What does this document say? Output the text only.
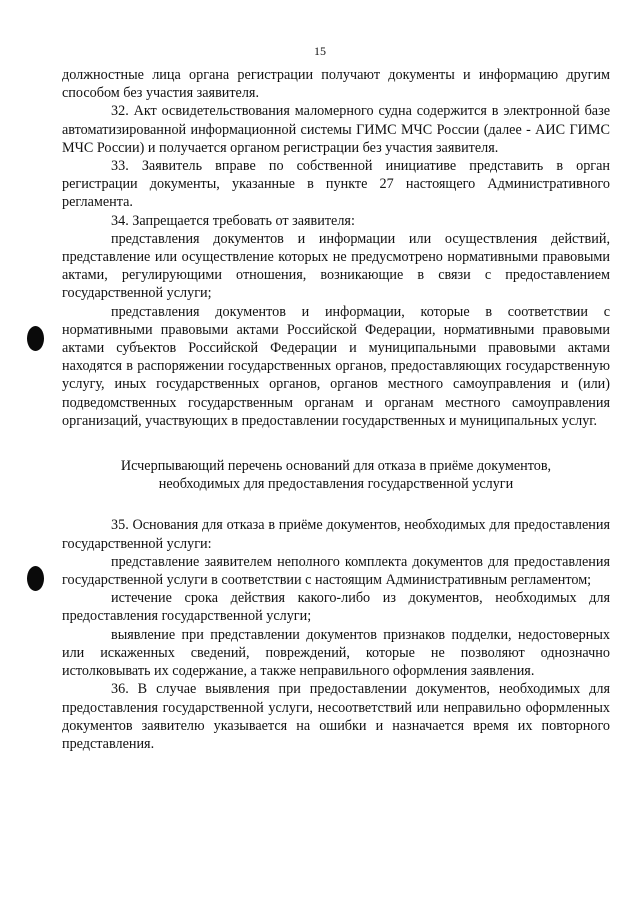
15

должностные лица органа регистрации получают документы и информацию другим способом без участия заявителя.

32. Акт освидетельствования маломерного судна содержится в электронной базе автоматизированной информационной системы ГИМС МЧС России (далее - АИС ГИМС МЧС России) и получается органом регистрации без участия заявителя.

33. Заявитель вправе по собственной инициативе представить в орган регистрации документы, указанные в пункте 27 настоящего Административного регламента.

34. Запрещается требовать от заявителя:

представления документов и информации или осуществления действий, представление или осуществление которых не предусмотрено нормативными правовыми актами, регулирующими отношения, возникающие в связи с предоставлением государственной услуги;

представления документов и информации, которые в соответствии с нормативными правовыми актами Российской Федерации, нормативными правовыми актами субъектов Российской Федерации и муниципальными правовыми актами находятся в распоряжении государственных органов, предоставляющих государственную услугу, иных государственных органов, органов местного самоуправления и (или) подведомственных государственным органам и органам местного самоуправления организаций, участвующих в предоставлении государственных и муниципальных услуг.

Исчерпывающий перечень оснований для отказа в приёме документов,
необходимых для предоставления государственной услуги

35. Основания для отказа в приёме документов, необходимых для предоставления государственной услуги:

представление заявителем неполного комплекта документов для предоставления государственной услуги в соответствии с настоящим Административным регламентом;

истечение срока действия какого-либо из документов, необходимых для предоставления государственной услуги;

выявление при представлении документов признаков подделки, недостоверных или искаженных сведений, повреждений, которые не позволяют однозначно истолковывать их содержание, а также неправильного оформления заявления.

36. В случае выявления при предоставлении документов, необходимых для предоставления государственной услуги, несоответствий или неправильно оформленных документов заявителю указывается на ошибки и назначается время их повторного представления.
